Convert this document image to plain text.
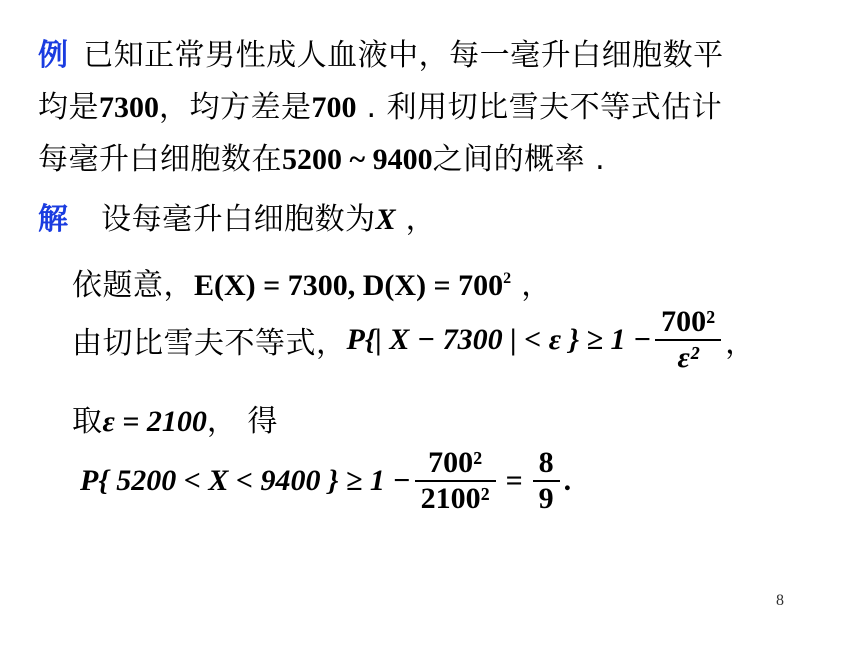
例 已知正常男性成人血液中，每一毫升白细胞数平
均是7300，均方差是700 . 利用切比雪夫不等式估计
每毫升白细胞数在5200 ~ 9400之间的概率 .
解 设每毫升白细胞数为X ，
依题意，E(X) = 7300, D(X) = 7002 ，
由切比雪夫不等式， P{| X − 7300 | < ε } ≥ $1 - \frac{\text{700²}}{\text{ε²}}$ ，
取ε = 2100， 得
P{ 5200 < X < 9400 } ≥ $1 - \frac{\text{700²}}{\text{2100²}} = \frac{8}{9}$ .
8
